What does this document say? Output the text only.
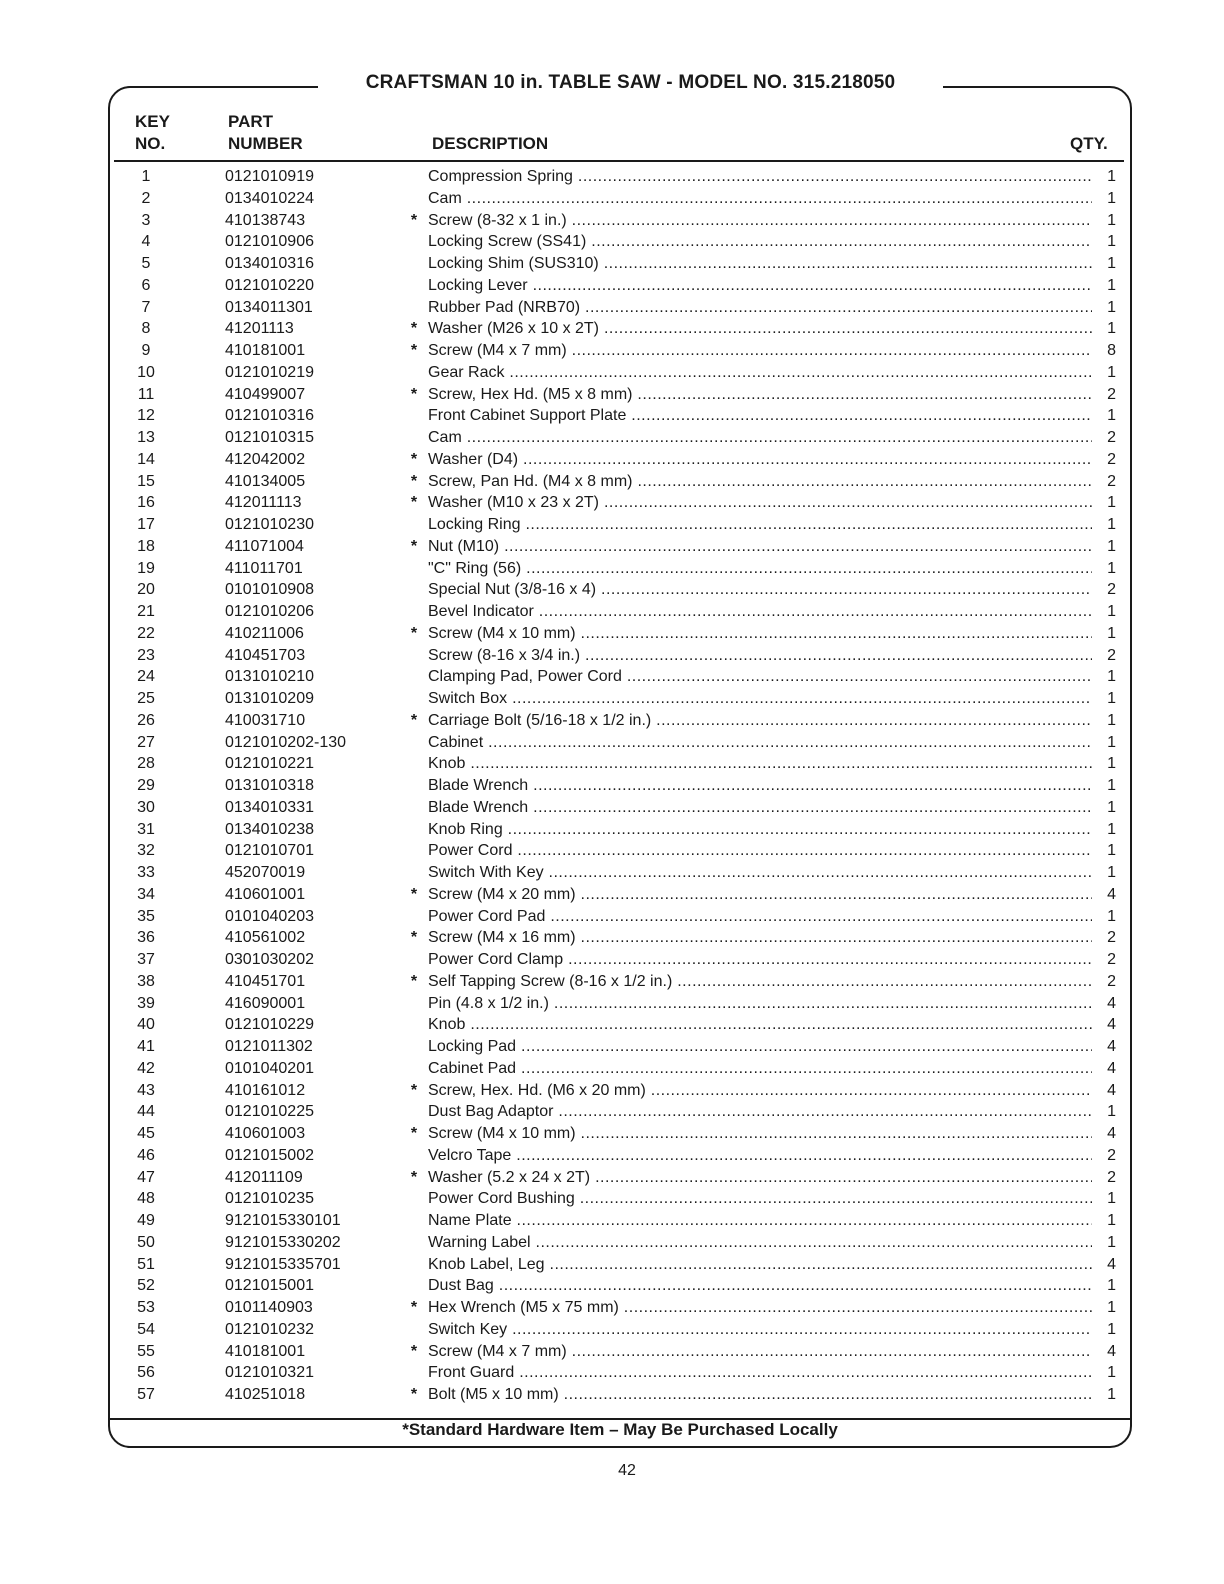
CRAFTSMAN 10 in. TABLE SAW - MODEL NO. 315.218050
KEY
NO.
PART
NUMBER	DESCRIPTION	QTY.
1	0121010919	Compression Spring .....	1
2	0134010224	Cam .....	1
3	410138743	* Screw (8-32 x 1 in.) .....	1
4	0121010906	Locking Screw (SS41) .....	1
5	0134010316	Locking Shim (SUS310) .....	1
6	0121010220	Locking Lever .....	1
7	0134011301	Rubber Pad (NRB70) .....	1
8	41201113	* Washer (M26 x 10 x 2T) .....	1
9	410181001	* Screw (M4 x 7 mm) .....	8
10	0121010219	Gear Rack .....	1
11	410499007	* Screw, Hex Hd. (M5 x 8 mm) .....	2
12	0121010316	Front Cabinet Support Plate .....	1
13	0121010315	Cam .....	2
14	412042002	* Washer (D4) .....	2
15	410134005	* Screw, Pan Hd. (M4 x 8 mm) .....	2
16	412011113	* Washer (M10 x 23 x 2T) .....	1
17	0121010230	Locking Ring .....	1
18	411071004	* Nut (M10) .....	1
19	411011701	"C" Ring (56) .....	1
20	0101010908	Special Nut (3/8-16 x 4) .....	2
21	0121010206	Bevel Indicator .....	1
22	410211006	* Screw (M4 x 10 mm) .....	1
23	410451703	Screw (8-16 x 3/4 in.) .....	2
24	0131010210	Clamping Pad, Power Cord .....	1
25	0131010209	Switch Box .....	1
26	410031710	* Carriage Bolt (5/16-18 x 1/2 in.) .....	1
27	0121010202-130	Cabinet .....	1
28	0121010221	Knob .....	1
29	0131010318	Blade Wrench .....	1
30	0134010331	Blade Wrench .....	1
31	0134010238	Knob Ring .....	1
32	0121010701	Power Cord .....	1
33	452070019	Switch With Key .....	1
34	410601001	* Screw (M4 x 20 mm) .....	4
35	0101040203	Power Cord Pad .....	1
36	410561002	* Screw (M4 x 16 mm) .....	2
37	0301030202	Power Cord Clamp .....	2
38	410451701	* Self Tapping Screw (8-16 x 1/2 in.) .....	2
39	416090001	Pin (4.8 x 1/2 in.) .....	4
40	0121010229	Knob .....	4
41	0121011302	Locking Pad .....	4
42	0101040201	Cabinet Pad .....	4
43	410161012	* Screw, Hex. Hd. (M6 x 20 mm) .....	4
44	0121010225	Dust Bag Adaptor .....	1
45	410601003	* Screw (M4 x 10 mm) .....	4
46	0121015002	Velcro Tape .....	2
47	412011109	* Washer (5.2 x 24 x 2T) .....	2
48	0121010235	Power Cord Bushing .....	1
49	9121015330101	Name Plate .....	1
50	9121015330202	Warning Label .....	1
51	9121015335701	Knob Label, Leg .....	4
52	0121015001	Dust Bag .....	1
53	0101140903	* Hex Wrench (M5 x 75 mm) .....	1
54	0121010232	Switch Key .....	1
55	410181001	* Screw (M4 x 7 mm) .....	4
56	0121010321	Front Guard .....	1
57	410251018	* Bolt (M5 x 10 mm) .....	1
*Standard Hardware Item – May Be Purchased Locally
42
